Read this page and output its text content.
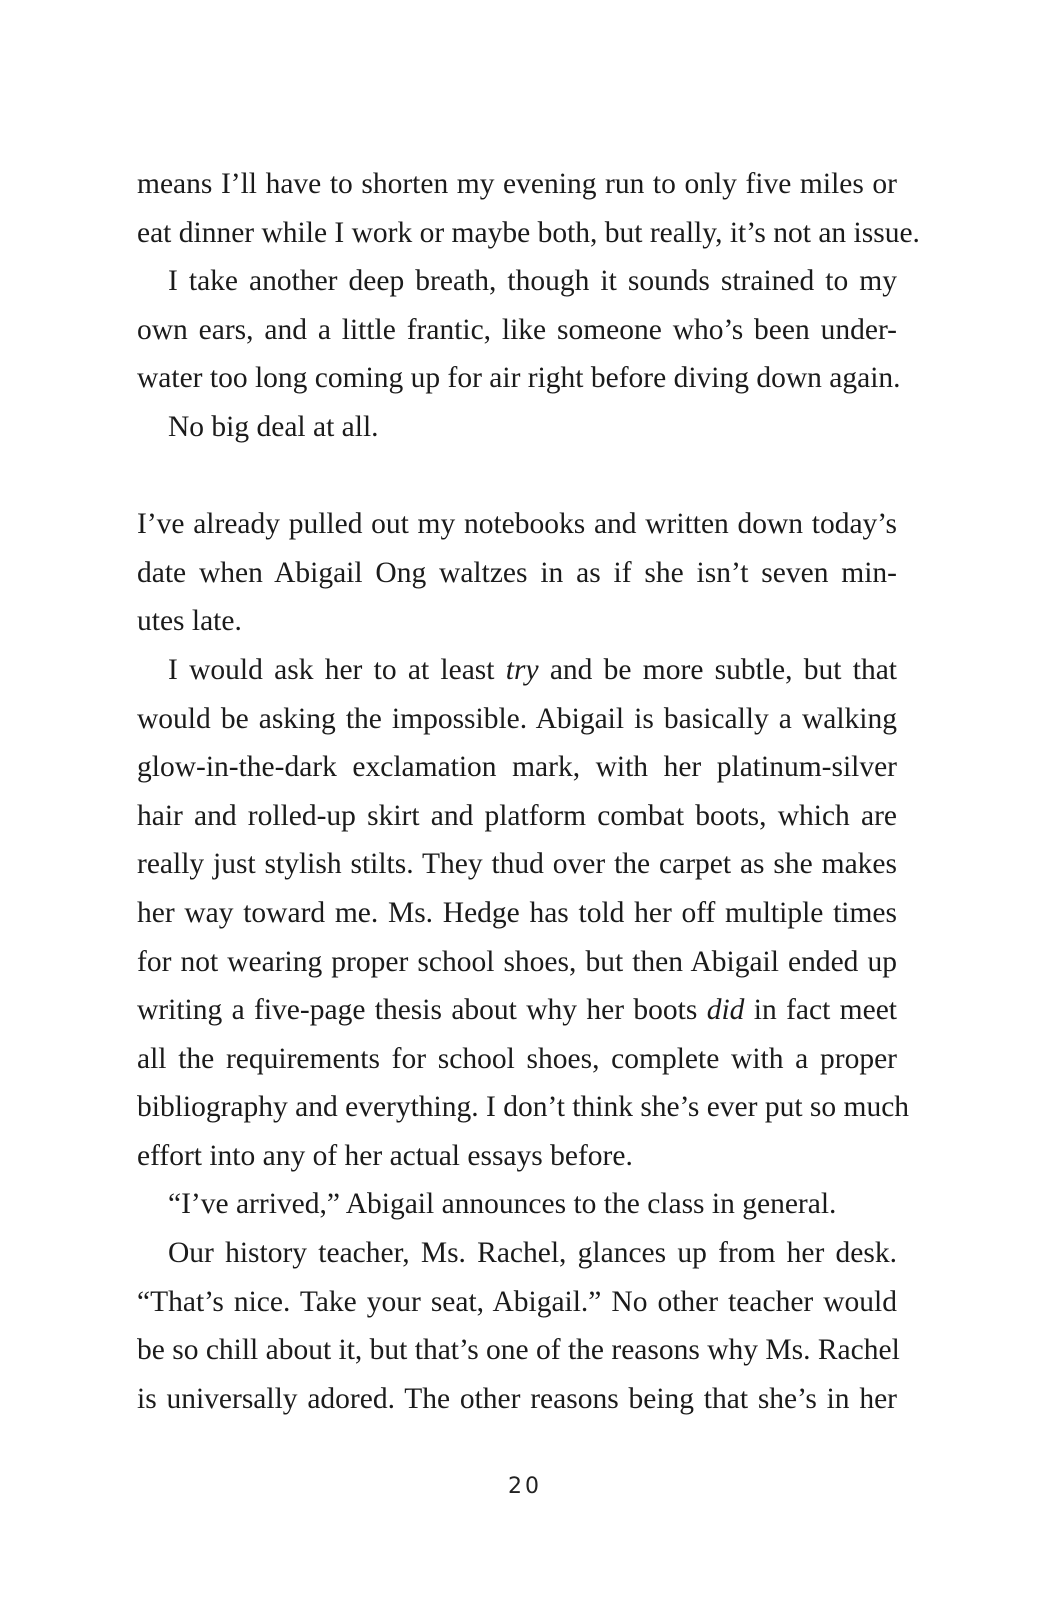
means I’ll have to shorten my evening run to only five miles or
eat dinner while I work or maybe both, but really, it’s not an issue.
I take another deep breath, though it sounds strained to my
own ears, and a little frantic, like someone who’s been under-
water too long coming up for air right before diving down again.
No big deal at all.
I’ve already pulled out my notebooks and written down today’s
date when Abigail Ong waltzes in as if she isn’t seven min-
utes late.
I would ask her to at least try and be more subtle, but that
would be asking the impossible. Abigail is basically a walking
glow-in-the-dark exclamation mark, with her platinum-silver
hair and rolled-up skirt and platform combat boots, which are
really just stylish stilts. They thud over the carpet as she makes
her way toward me. Ms. Hedge has told her off multiple times
for not wearing proper school shoes, but then Abigail ended up
writing a five-page thesis about why her boots did in fact meet
all the requirements for school shoes, complete with a proper
bibliography and everything. I don’t think she’s ever put so much
effort into any of her actual essays before.
“I’ve arrived,” Abigail announces to the class in general.
Our history teacher, Ms. Rachel, glances up from her desk.
“That’s nice. Take your seat, Abigail.” No other teacher would
be so chill about it, but that’s one of the reasons why Ms. Rachel
is universally adored. The other reasons being that she’s in her
20
